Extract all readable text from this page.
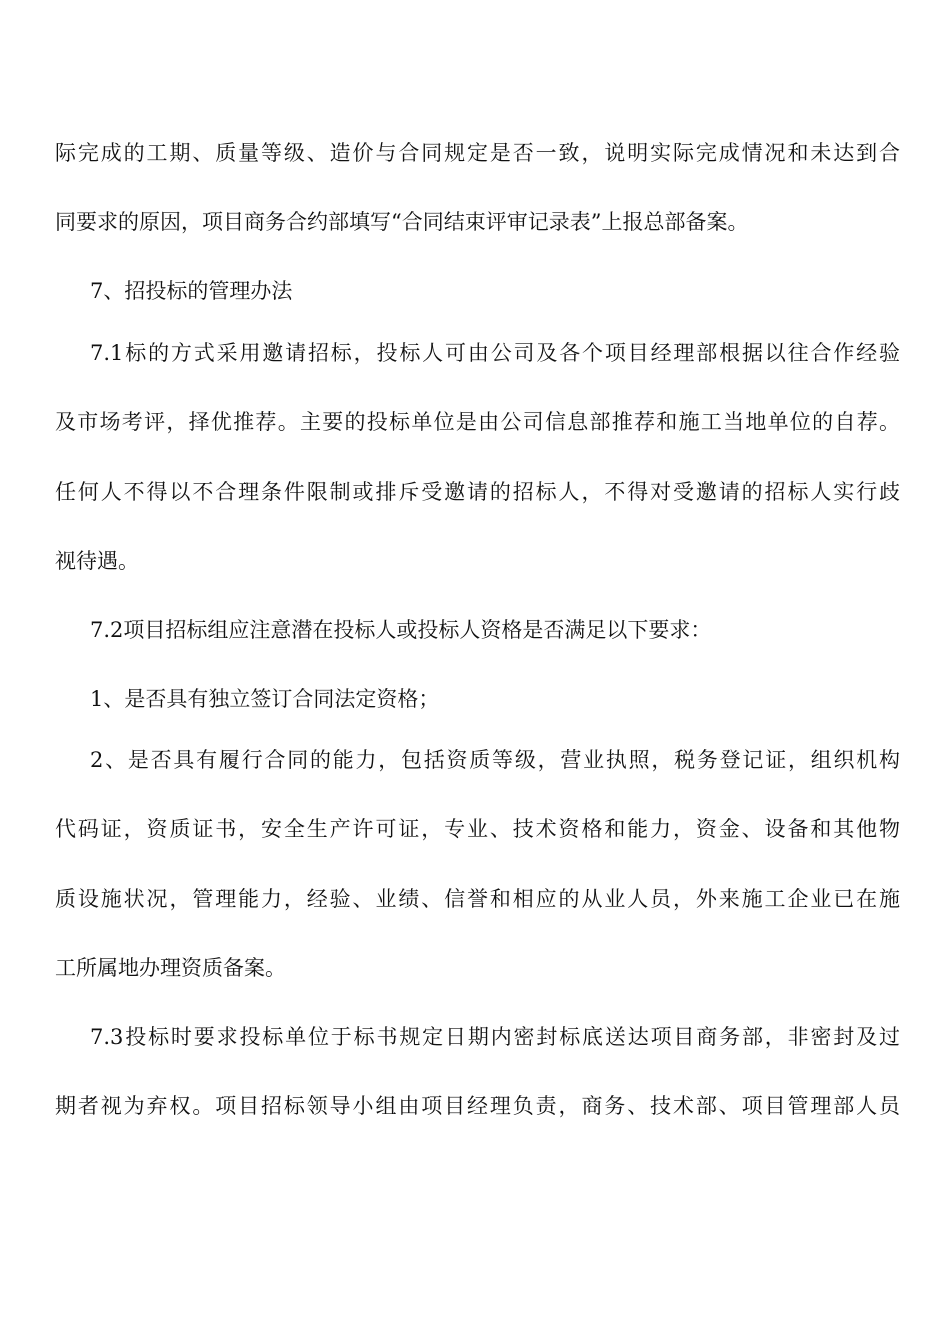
际完成的工期、质量等级、造价与合同规定是否一致，说明实际完成情况和未达到合
同要求的原因，项目商务合约部填写“合同结束评审记录表”上报总部备案。
7、招投标的管理办法
7.1标的方式采用邀请招标，投标人可由公司及各个项目经理部根据以往合作经验
及市场考评，择优推荐。主要的投标单位是由公司信息部推荐和施工当地单位的自荐。
任何人不得以不合理条件限制或排斥受邀请的招标人，不得对受邀请的招标人实行歧
视待遇。
7.2项目招标组应注意潜在投标人或投标人资格是否满足以下要求：
1、是否具有独立签订合同法定资格；
2、是否具有履行合同的能力，包括资质等级，营业执照，税务登记证，组织机构
代码证，资质证书，安全生产许可证，专业、技术资格和能力，资金、设备和其他物
质设施状况，管理能力，经验、业绩、信誉和相应的从业人员，外来施工企业已在施
工所属地办理资质备案。
7.3投标时要求投标单位于标书规定日期内密封标底送达项目商务部，非密封及过
期者视为弃权。项目招标领导小组由项目经理负责，商务、技术部、项目管理部人员
